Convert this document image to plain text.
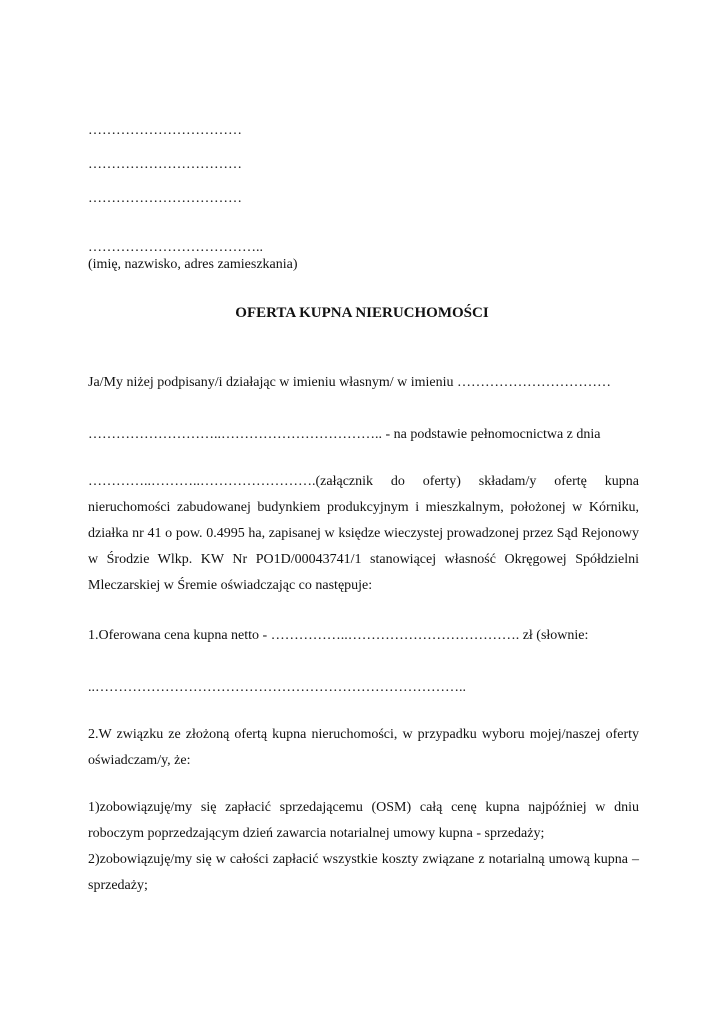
……………………………
……………………………
……………………………
………………………………..
(imię, nazwisko, adres zamieszkania)
OFERTA KUPNA NIERUCHOMOŚCI
Ja/My niżej podpisany/i działając w imieniu własnym/ w imieniu ……………………………
………………………..…………………………….. - na podstawie pełnomocnictwa z dnia

…………..………..…………………….(załącznik do oferty) składam/y ofertę kupna nieruchomości zabudowanej budynkiem produkcyjnym i mieszkalnym, położonej w Kórniku, działka nr 41 o pow. 0.4995 ha, zapisanej w księdze wieczystej prowadzonej przez Sąd Rejonowy w Środzie Wlkp. KW Nr PO1D/00043741/1 stanowiącej własność Okręgowej Spółdzielni Mleczarskiej w Śremie oświadczając co następuje:

1.Oferowana cena kupna netto - ……………..………………………………. zł (słownie:
..……………………………………………………………………..

2.W związku ze złożoną ofertą kupna nieruchomości, w przypadku wyboru mojej/naszej oferty oświadczam/y, że:

1)zobowiązuję/my się zapłacić sprzedającemu (OSM) całą cenę kupna najpóźniej w dniu roboczym poprzedzającym dzień zawarcia notarialnej umowy kupna - sprzedaży;

2)zobowiązuję/my się w całości zapłacić wszystkie koszty związane z notarialną umową kupna – sprzedaży;
